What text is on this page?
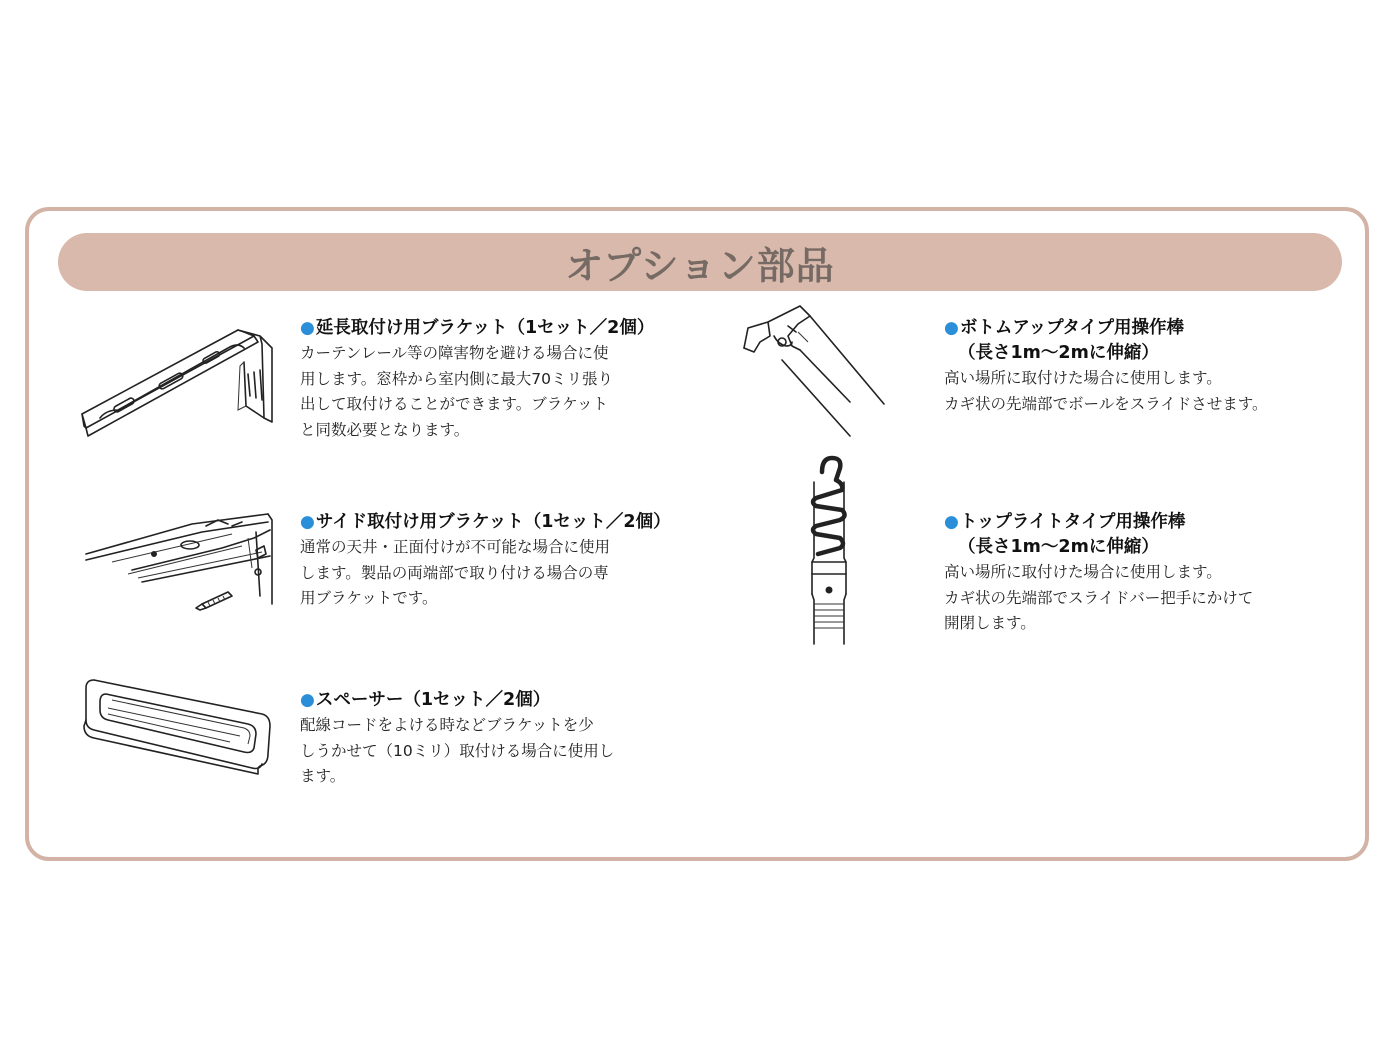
オプション部品
●延長取付け用ブラケット（1セット／2個）
カーテンレール等の障害物を避ける場合に使
用します。窓枠から室内側に最大70ミリ張り
出して取付けることができます。ブラケット
と同数必要となります。
●サイド取付け用ブラケット（1セット／2個）
通常の天井・正面付けが不可能な場合に使用
します。製品の両端部で取り付ける場合の専
用ブラケットです。
●スペーサー（1セット／2個）
配線コードをよける時などブラケットを少
しうかせて（10ミリ）取付ける場合に使用し
ます。
●ボトムアップタイプ用操作棒
（長さ1m〜2mに伸縮）
高い場所に取付けた場合に使用します。
カギ状の先端部でボールをスライドさせます。
●トップライトタイプ用操作棒
（長さ1m〜2mに伸縮）
高い場所に取付けた場合に使用します。
カギ状の先端部でスライドバー把手にかけて
開閉します。
